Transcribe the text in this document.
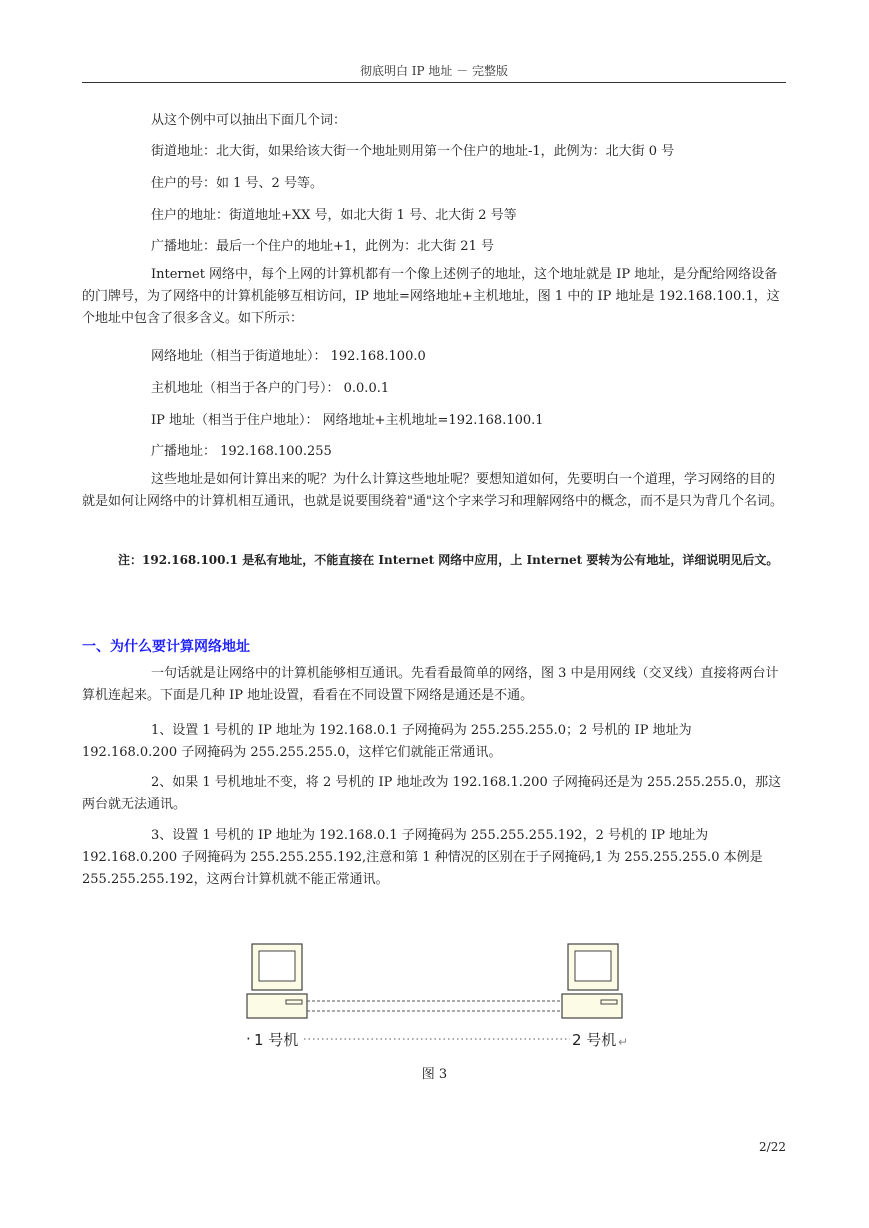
彻底明白 IP 地址 － 完整版
从这个例中可以抽出下面几个词：
街道地址：北大街，如果给该大街一个地址则用第一个住户的地址-1，此例为：北大街 0 号
住户的号：如 1 号、2 号等。
住户的地址：街道地址+XX 号，如北大街 1 号、北大街 2 号等
广播地址：最后一个住户的地址+1，此例为：北大街 21 号

Internet 网络中，每个上网的计算机都有一个像上述例子的地址，这个地址就是 IP 地址，是分配给网络设备的门牌号，为了网络中的计算机能够互相访问，IP 地址=网络地址+主机地址，图 1 中的 IP 地址是 192.168.100.1，这个地址中包含了很多含义。如下所示：

网络地址（相当于街道地址）： 192.168.100.0
主机地址（相当于各户的门号）： 0.0.0.1
IP 地址（相当于住户地址）： 网络地址+主机地址=192.168.100.1
广播地址： 192.168.100.255

这些地址是如何计算出来的呢？为什么计算这些地址呢？要想知道如何，先要明白一个道理，学习网络的目的就是如何让网络中的计算机相互通讯，也就是说要围绕着"通"这个字来学习和理解网络中的概念，而不是只为背几个名词。

注：192.168.100.1 是私有地址，不能直接在 Internet 网络中应用，上 Internet 要转为公有地址，详细说明见后文。

一、为什么要计算网络地址

一句话就是让网络中的计算机能够相互通讯。先看看最简单的网络，图 3 中是用网线（交叉线）直接将两台计算机连起来。下面是几种 IP 地址设置，看看在不同设置下网络是通还是不通。

1、设置 1 号机的 IP 地址为 192.168.0.1 子网掩码为 255.255.255.0；2 号机的 IP 地址为 192.168.0.200 子网掩码为 255.255.255.0，这样它们就能正常通讯。

2、如果 1 号机地址不变，将 2 号机的 IP 地址改为 192.168.1.200 子网掩码还是为 255.255.255.0，那这两台就无法通讯。

3、设置 1 号机的 IP 地址为 192.168.0.1 子网掩码为 255.255.255.192，2 号机的 IP 地址为 192.168.0.200 子网掩码为 255.255.255.192,注意和第 1 种情况的区别在于子网掩码,1 为 255.255.255.0 本例是 255.255.255.192，这两台计算机就不能正常通讯。

· 1 号机	2 号机 ↵
图 3
2/22
